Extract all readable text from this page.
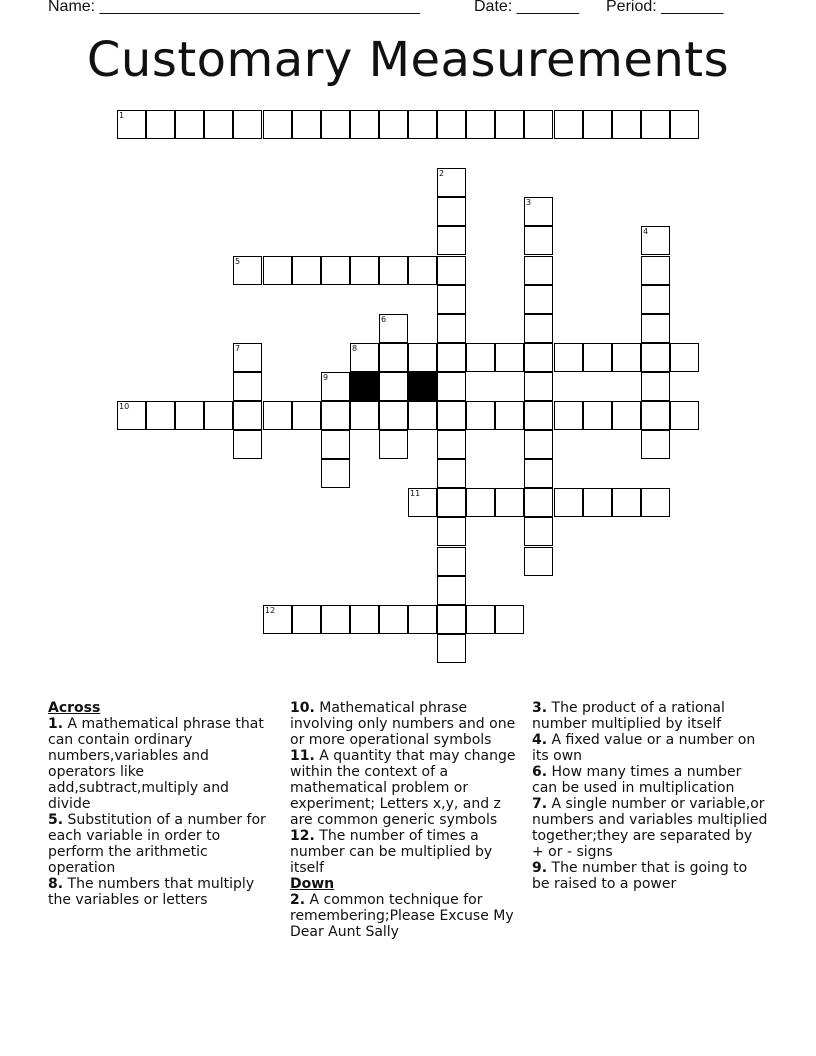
Name: ____________________________________

	Date: _______

Period: _______

Customary Measurements
1
2
3
4
5
6
7	8
9
10
11
12

Across

1. A mathematical phrase that can contain ordinary numbers,variables and operators like add,subtract,multiply and divide

5. Substitution of a number for each variable in order to perform the arithmetic operation

8. The numbers that multiply the variables or letters

10. Mathematical phrase involving only numbers and one or more operational symbols

11. A quantity that may change within the context of a mathematical problem or experiment; Letters x,y, and z are common generic symbols

12. The number of times a number can be multiplied by itself

Down

2. A common technique for remembering;Please Excuse My Dear Aunt Sally

3. The product of a rational number multiplied by itself

4. A fixed value or a number on its own

6. How many times a number can be used in multiplication

7. A single number or variable,or numbers and variables multiplied together;they are separated by + or - signs

9. The number that is going to be raised to a power
